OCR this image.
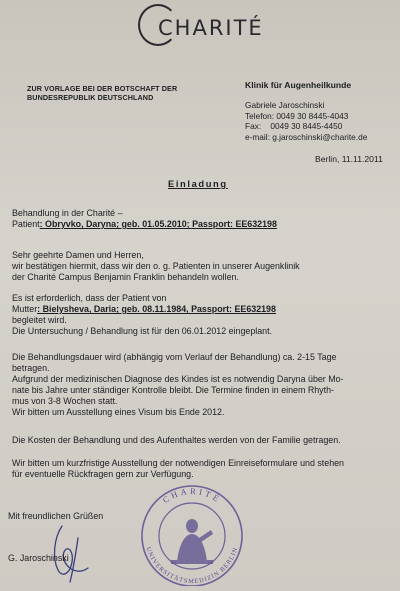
CHARITÉ
ZUR VORLAGE BEI DER BOTSCHAFT DER
BUNDESREPUBLIK DEUTSCHLAND
Klinik für Augenheilkunde
Gabriele Jaroschinski
Telefon: 0049 30 8445-4043
Fax:    0049 30 8445-4450
e-mail: g.jaroschinski@charite.de
Berlin, 11.11.2011
Einladung
Behandlung in der Charité –
Patient: Obryvko, Daryna; geb. 01.05.2010; Passport: EE632198
Sehr geehrte Damen und Herren,
wir bestätigen hiermit, dass wir den o. g. Patienten in unserer Augenklinik
der Charité Campus Benjamin Franklin behandeln wollen.
Es ist erforderlich, dass der Patient von
Mutter: Bielysheva, Daria; geb. 08.11.1984, Passport: EE632198
begleitet wird.
Die Untersuchung / Behandlung ist für den 06.01.2012 eingeplant.
Die Behandlungsdauer wird (abhängig vom Verlauf der Behandlung) ca. 2-15 Tage
betragen.
Aufgrund der medizinischen Diagnose des Kindes ist es notwendig Daryna über Mo-
nate bis Jahre unter ständiger Kontrolle bleibt. Die Termine finden in einem Rhyth-
mus von 3-8 Wochen statt.
Wir bitten um Ausstellung eines Visum bis Ende 2012.
Die Kosten der Behandlung und des Aufenthaltes werden von der Familie getragen.
Wir bitten um kurzfristige Ausstellung der notwendigen Einreiseformulare und stehen
für eventuelle Rückfragen gern zur Verfügung.
Mit freundlichen Grüßen
G. Jaroschinski
CHARITÉ
UNIVERSITÄTSMEDIZIN BERLIN
